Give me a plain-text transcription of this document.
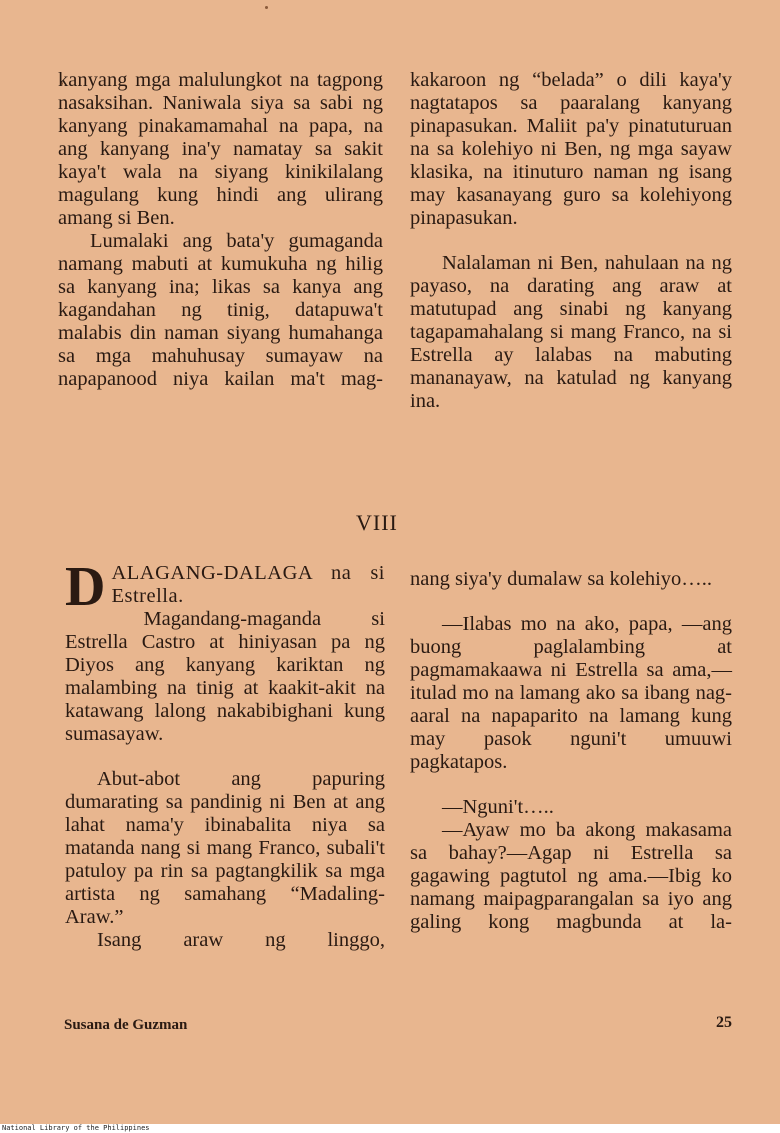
kanyang mga malulungkot na tagpong nasaksihan. Naniwala siya sa sabi ng kanyang pinakamamahal na papa, na ang kanyang ina'y namatay sa sakit kaya't wala na siyang kinikilalang magulang kung hindi ang ulirang amang si Ben.

Lumalaki ang bata'y gumaganda namang mabuti at kumukuha ng hilig sa kanyang ina; likas sa kanya ang kagandahan ng tinig, datapuwa't malabis din naman siyang humahanga sa mga mahuhusay sumayaw na napapanood niya kailan ma't mag-

kakaroon ng “belada” o dili kaya'y nagtatapos sa paaralang kanyang pinapasukan. Maliit pa'y pinatuturuan na sa kolehiyo ni Ben, ng mga sayaw klasika, na itinuturo naman ng isang may kasanayang guro sa kolehiyong pinapasukan.

Nalalaman ni Ben, nahulaan na ng payaso, na darating ang araw at matutupad ang sinabi ng kanyang tagapamahalang si mang Franco, na si Estrella ay lalabas na mabuting mananayaw, na katulad ng kanyang ina.

VIII

DALAGANG-DALAGA na si Estrella.

Magandang-maganda si Estrella Castro at hiniyasan pa ng Diyos ang kanyang kariktan ng malambing na tinig at kaakit-akit na katawang lalong nakabibighani kung sumasayaw.

Abut-abot ang papuring dumarating sa pandinig ni Ben at ang lahat nama'y ibinabalita niya sa matanda nang si mang Franco, subali't patuloy pa rin sa pagtangkilik sa mga artista ng samahang “Madaling-Araw.”

Isang araw ng linggo,

nang siya'y dumalaw sa kolehiyo…..

—Ilabas mo na ako, papa, —ang buong paglalambing at pagmamakaawa ni Estrella sa ama,—itulad mo na lamang ako sa ibang nag-aaral na napaparito na lamang kung may pasok nguni't umuuwi pagkatapos.

—Nguni't…..

—Ayaw mo ba akong makasama sa bahay?—Agap ni Estrella sa gagawing pagtutol ng ama.—Ibig ko namang maipagparangalan sa iyo ang galing kong magbunda at la-

Susana de Guzman	25
National Library of the Philippines
